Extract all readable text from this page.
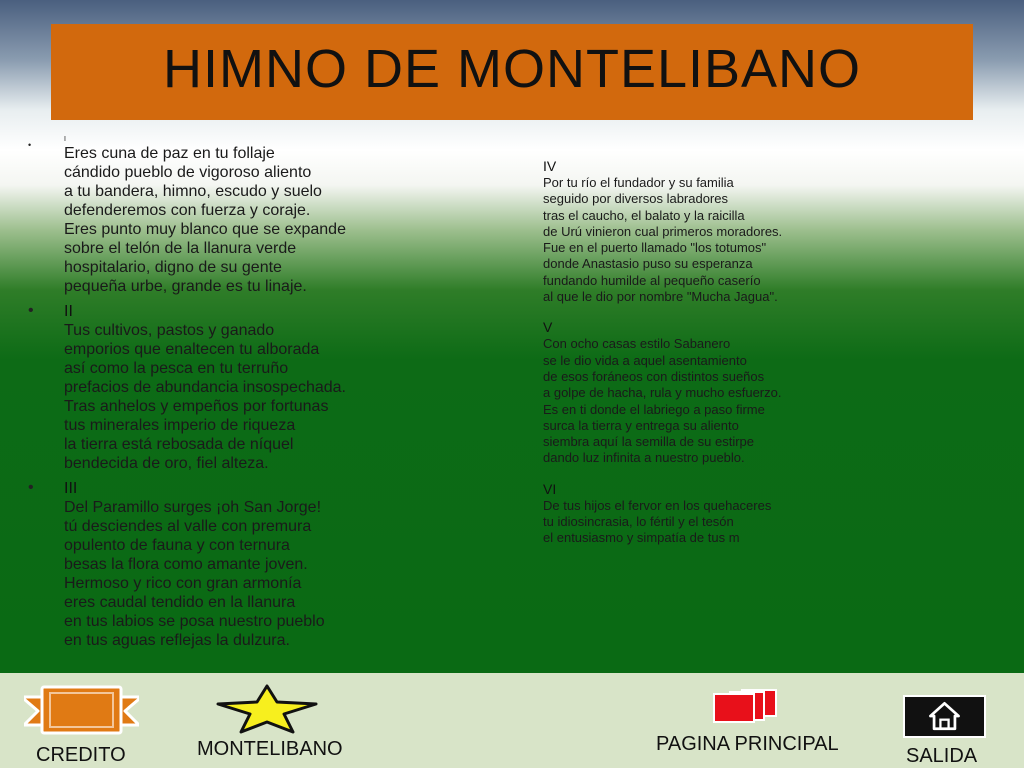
HIMNO DE MONTELIBANO
•
I
Eres cuna de paz en tu follaje
cándido pueblo de vigoroso aliento
a tu bandera, himno, escudo y suelo
defenderemos con fuerza y coraje.
Eres punto muy blanco que se expande
sobre el telón de la llanura verde
hospitalario, digno de su gente
pequeña urbe, grande es tu linaje.
• II
Tus cultivos, pastos y ganado
emporios que enaltecen tu alborada
así como la pesca en tu terruño
prefacios de abundancia insospechada.
Tras anhelos y empeños por fortunas
tus minerales imperio de riqueza
la tierra está rebosada de níquel
bendecida de oro, fiel alteza.
• III
Del Paramillo surges ¡oh San Jorge!
tú desciendes al valle con premura
opulento de fauna y con ternura
besas la flora como amante joven.
Hermoso y rico con gran armonía
eres caudal tendido en la llanura
en tus labios se posa nuestro pueblo
en tus aguas reflejas la dulzura.
IV
Por tu río el fundador y su familia
seguido por diversos labradores
tras el caucho, el balato y la raicilla
de Urú vinieron cual primeros moradores.
Fue en el puerto llamado "los totumos"
donde Anastasio puso su esperanza
fundando humilde al pequeño caserío
al que le dio por nombre "Mucha Jagua".
V
Con ocho casas estilo Sabanero
se le dio vida a aquel asentamiento
de esos foráneos con distintos sueños
a golpe de hacha, rula y mucho esfuerzo.
Es en ti donde el labriego a paso firme
surca la tierra y entrega su aliento
siembra aquí la semilla de su estirpe
dando luz infinita a nuestro pueblo.
VI
De tus hijos el fervor en los quehaceres
tu idiosincrasia, lo fértil y el tesón
el entusiasmo y simpatía de tus m
CREDITO	MONTELIBANO	PAGINA PRINCIPAL
SALIDA
